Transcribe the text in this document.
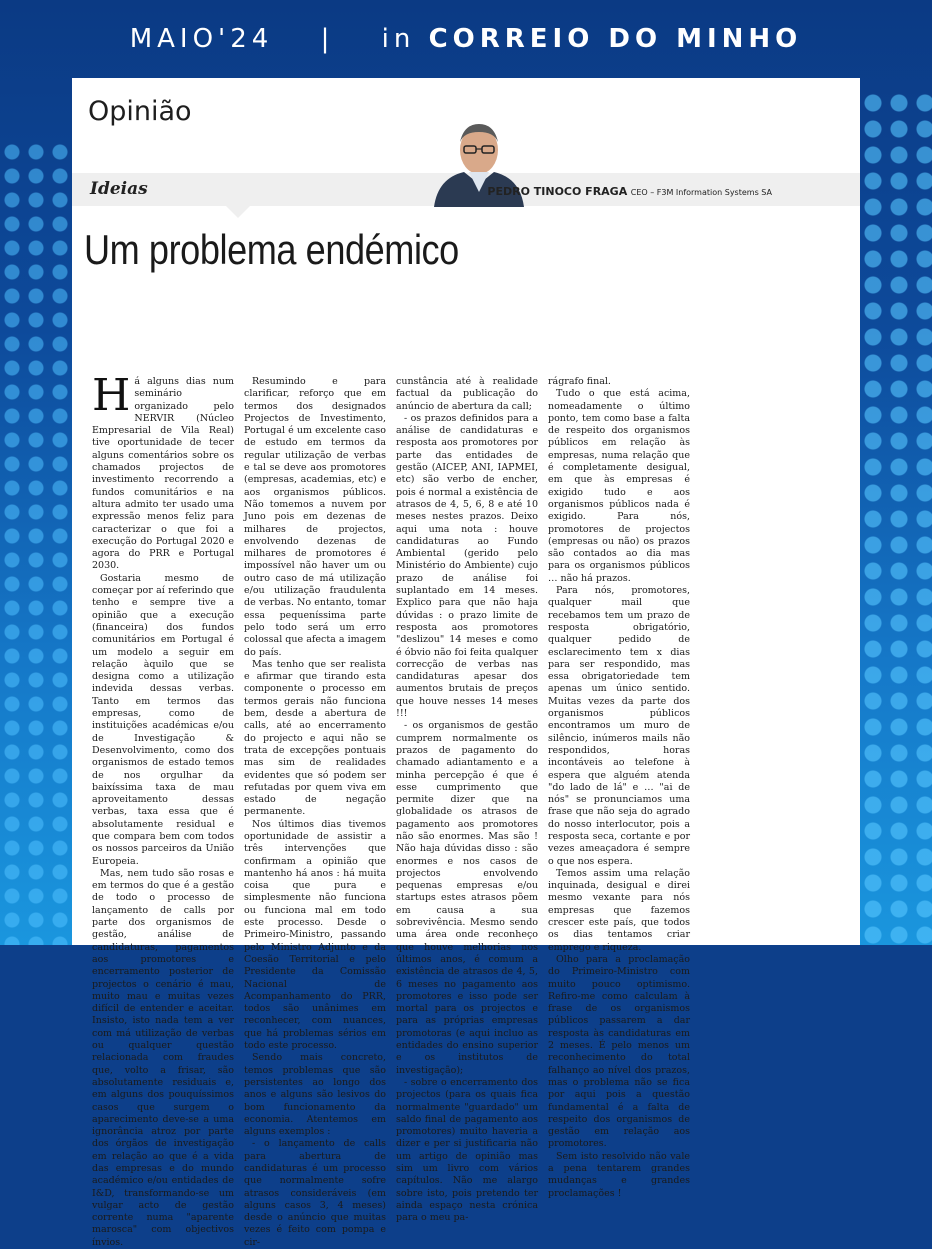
MAIO'24 | in CORREIO DO MINHO
Opinião
Ideias	PEDRO TINOCO FRAGA CEO – F3M Information Systems SA
Um problema endémico
H á alguns dias num seminário organizado pelo NERVIR (Núcleo Empresarial de Vila Real) tive oportunidade de tecer alguns comentários sobre os chamados projectos de investimento recorrendo a fundos comunitários e na altura admito ter usado uma expressão menos feliz para caracterizar o que foi a execução do Portugal 2020 e agora do PRR e Portugal 2030.

Gostaria mesmo de começar por aí referindo que tenho e sempre tive a opinião que a execução (financeira) dos fundos comunitários em Portugal é um modelo a seguir em relação àquilo que se designa como a utilização indevida dessas verbas. Tanto em termos das empresas, como de instituições académicas e/ou de Investigação & Desenvolvimento, como dos organismos de estado temos de nos orgulhar da baixíssima taxa de mau aproveitamento dessas verbas, taxa essa que é absolutamente residual e que compara bem com todos os nossos parceiros da União Europeia.

Mas, nem tudo são rosas e em termos do que é a gestão de todo o processo de lançamento de calls por parte dos organismos de gestão, análise de candidaturas, pagamentos aos promotores e encerramento posterior de projectos o cenário é mau, muito mau e muitas vezes difícil de entender e aceitar. Insisto, isto nada tem a ver com má utilização de verbas ou qualquer questão relacionada com fraudes que, volto a frisar, são absolutamente residuais e, em alguns dos pouquíssimos casos que surgem o aparecimento deve-se a uma ignorância atroz por parte dos órgãos de investigação em relação ao que é a vida das empresas e do mundo académico e/ou entidades de I&D, transformando-se um vulgar acto de gestão corrente numa "aparente marosca" com objectivos ínvios.

Resumindo e para clarificar, reforço que em termos dos designados Projectos de Investimento, Portugal é um excelente caso de estudo em termos da regular utilização de verbas e tal se deve aos promotores (empresas, academias, etc) e aos organismos públicos. Não tomemos a nuvem por Juno pois em dezenas de milhares de projectos, envolvendo dezenas de milhares de promotores é impossível não haver um ou outro caso de má utilização e/ou utilização fraudulenta de verbas. No entanto, tomar essa pequeníssima parte pelo todo será um erro colossal que afecta a imagem do país.

Mas tenho que ser realista e afirmar que tirando esta componente o processo em termos gerais não funciona bem, desde a abertura de calls, até ao encerramento do projecto e aqui não se trata de excepções pontuais mas sim de realidades evidentes que só podem ser refutadas por quem viva em estado de negação permanente.

Nos últimos dias tivemos oportunidade de assistir a três intervenções que confirmam a opinião que mantenho há anos : há muita coisa que pura e simplesmente não funciona ou funciona mal em todo este processo. Desde o Primeiro-Ministro, passando pelo Ministro Adjunto e da Coesão Territorial e pelo Presidente da Comissão Nacional de Acompanhamento do PRR, todos são unânimes em reconhecer, com nuances, que há problemas sérios em todo este processo.

Sendo mais concreto, temos problemas que são persistentes ao longo dos anos e alguns são lesivos do bom funcionamento da economia. Atentemos em alguns exemplos :

- o lançamento de calls para abertura de candidaturas é um processo que normalmente sofre atrasos consideráveis (em alguns casos 3, 4 meses) desde o anúncio que muitas vezes é feito com pompa e cir-

cunstância até à realidade factual da publicação do anúncio de abertura da call;

- os prazos definidos para a análise de candidaturas e resposta aos promotores por parte das entidades de gestão (AICEP, ANI, IAPMEI, etc) são verbo de encher, pois é normal a existência de atrasos de 4, 5, 6, 8 e até 10 meses nestes prazos. Deixo aqui uma nota : houve candidaturas ao Fundo Ambiental (gerido pelo Ministério do Ambiente) cujo prazo de análise foi suplantado em 14 meses. Explico para que não haja dúvidas : o prazo limite de resposta aos promotores "deslizou" 14 meses e como é óbvio não foi feita qualquer correcção de verbas nas candidaturas apesar dos aumentos brutais de preços que houve nesses 14 meses !!!

- os organismos de gestão cumprem normalmente os prazos de pagamento do chamado adiantamento e a minha percepção é que é esse cumprimento que permite dizer que na globalidade os atrasos de pagamento aos promotores não são enormes. Mas são ! Não haja dúvidas disso : são enormes e nos casos de projectos envolvendo pequenas empresas e/ou startups estes atrasos põem em causa a sua sobrevivência. Mesmo sendo uma área onde reconheço que houve melhorias nos últimos anos, é comum a existência de atrasos de 4, 5, 6 meses no pagamento aos promotores e isso pode ser mortal para os projectos e para as próprias empresas promotoras (e aqui incluo as entidades do ensino superior e os institutos de investigação);

- sobre o encerramento dos projectos (para os quais fica normalmente "guardado" um saldo final de pagamento aos promotores) muito haveria a dizer e per si justificaria não um artigo de opinião mas sim um livro com vários capítulos. Não me alargo sobre isto, pois pretendo ter ainda espaço nesta crónica para o meu pa-

rágrafo final.

Tudo o que está acima, nomeadamente o último ponto, tem como base a falta de respeito dos organismos públicos em relação às empresas, numa relação que é completamente desigual, em que às empresas é exigido tudo e aos organismos públicos nada é exigido. Para nós, promotores de projectos (empresas ou não) os prazos são contados ao dia mas para os organismos públicos … não há prazos.

Para nós, promotores, qualquer mail que recebamos tem um prazo de resposta obrigatório, qualquer pedido de esclarecimento tem x dias para ser respondido, mas essa obrigatoriedade tem apenas um único sentido. Muitas vezes da parte dos organismos públicos encontramos um muro de silêncio, inúmeros mails não respondidos, horas incontáveis ao telefone à espera que alguém atenda "do lado de lá" e … "ai de nós" se pronunciamos uma frase que não seja do agrado do nosso interlocutor, pois a resposta seca, cortante e por vezes ameaçadora é sempre o que nos espera.

Temos assim uma relação inquinada, desigual e direi mesmo vexante para nós empresas que fazemos crescer este país, que todos os dias tentamos criar emprego e riqueza.

Olho para a proclamação do Primeiro-Ministro com muito pouco optimismo. Refiro-me como calculam à frase de os organismos públicos passarem a dar resposta às candidaturas em 2 meses. É pelo menos um reconhecimento do total falhanço ao nível dos prazos, mas o problema não se fica por aqui pois a questão fundamental é a falta de respeito dos organismos de gestão em relação aos promotores.

Sem isto resolvido não vale a pena tentarem grandes mudanças e grandes proclamações !
